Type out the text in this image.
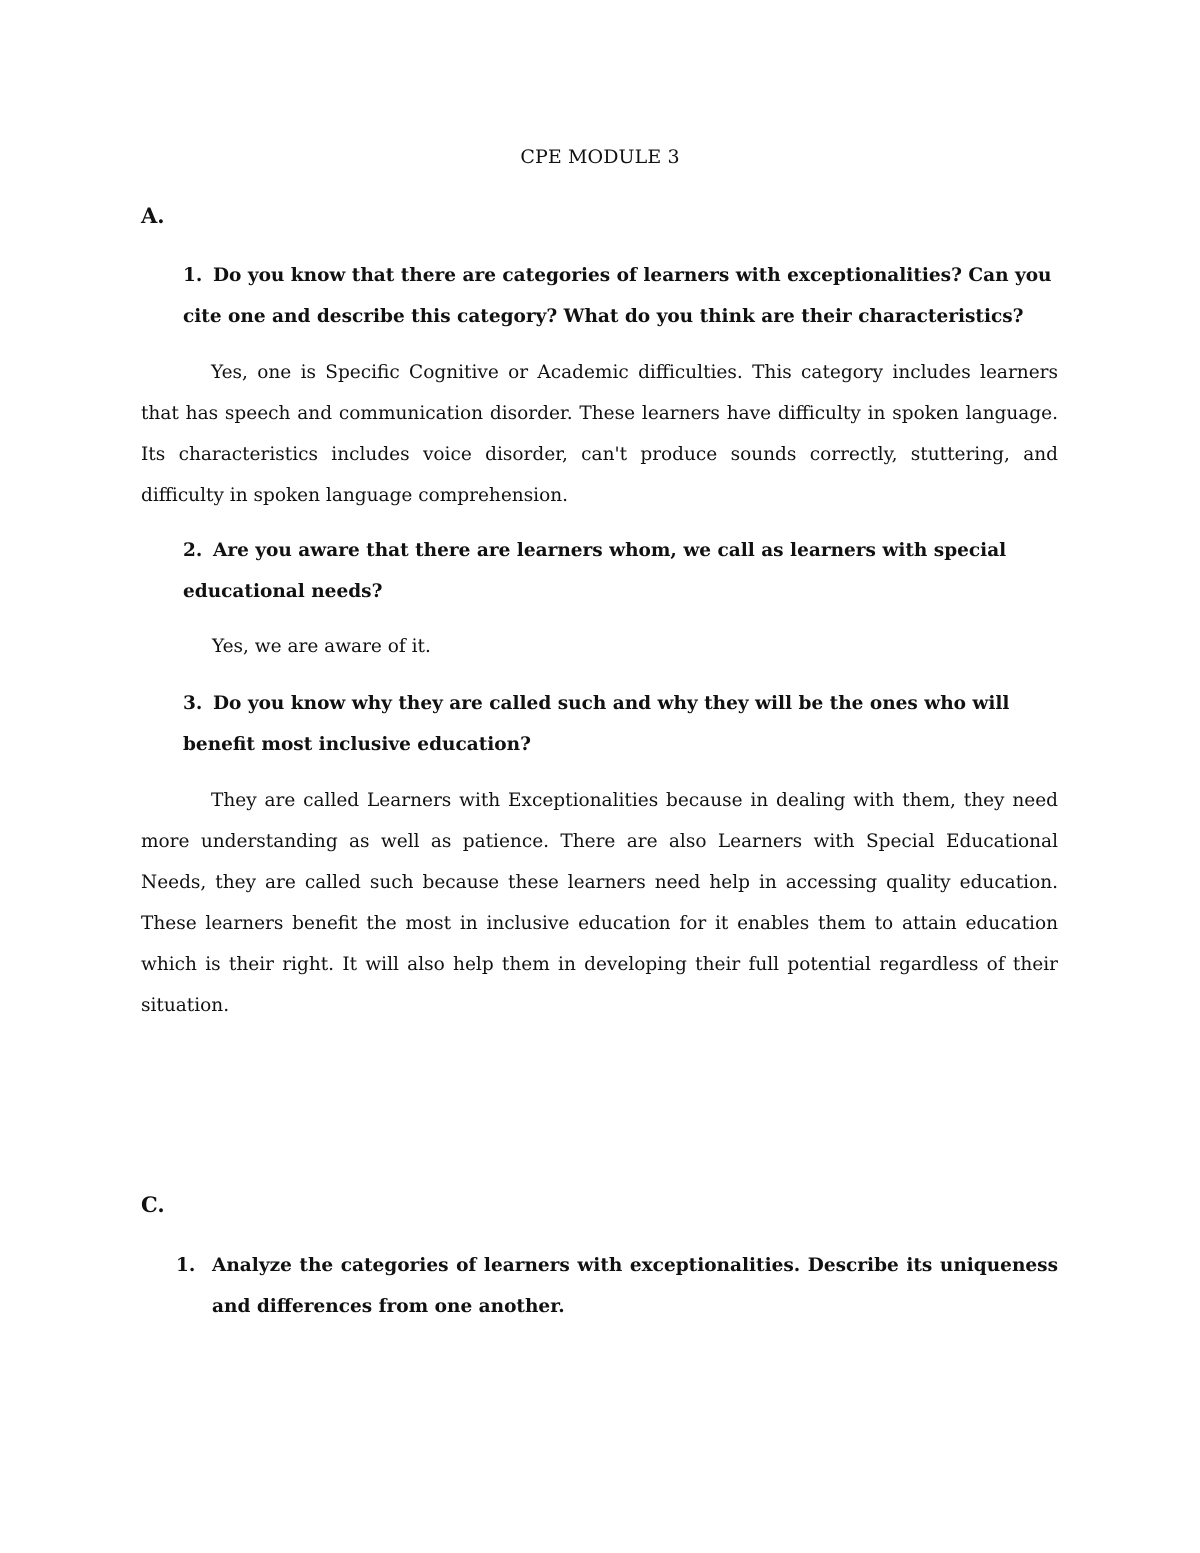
CPE MODULE 3
A.
1. Do you know that there are categories of learners with exceptionalities? Can you
cite one and describe this category? What do you think are their characteristics?
Yes, one is Specific Cognitive or Academic difficulties. This category includes learners that has speech and communication disorder. These learners have difficulty in spoken language. Its characteristics includes voice disorder, can't produce sounds correctly, stuttering, and difficulty in spoken language comprehension.
2. Are you aware that there are learners whom, we call as learners with special
educational needs?
Yes, we are aware of it.
3. Do you know why they are called such and why they will be the ones who will
benefit most inclusive education?
They are called Learners with Exceptionalities because in dealing with them, they need more understanding as well as patience. There are also Learners with Special Educational Needs, they are called such because these learners need help in accessing quality education. These learners benefit the most in inclusive education for it enables them to attain education which is their right. It will also help them in developing their full potential regardless of their situation.
C.
1. Analyze the categories of learners with exceptionalities. Describe its uniqueness and differences from one another.
